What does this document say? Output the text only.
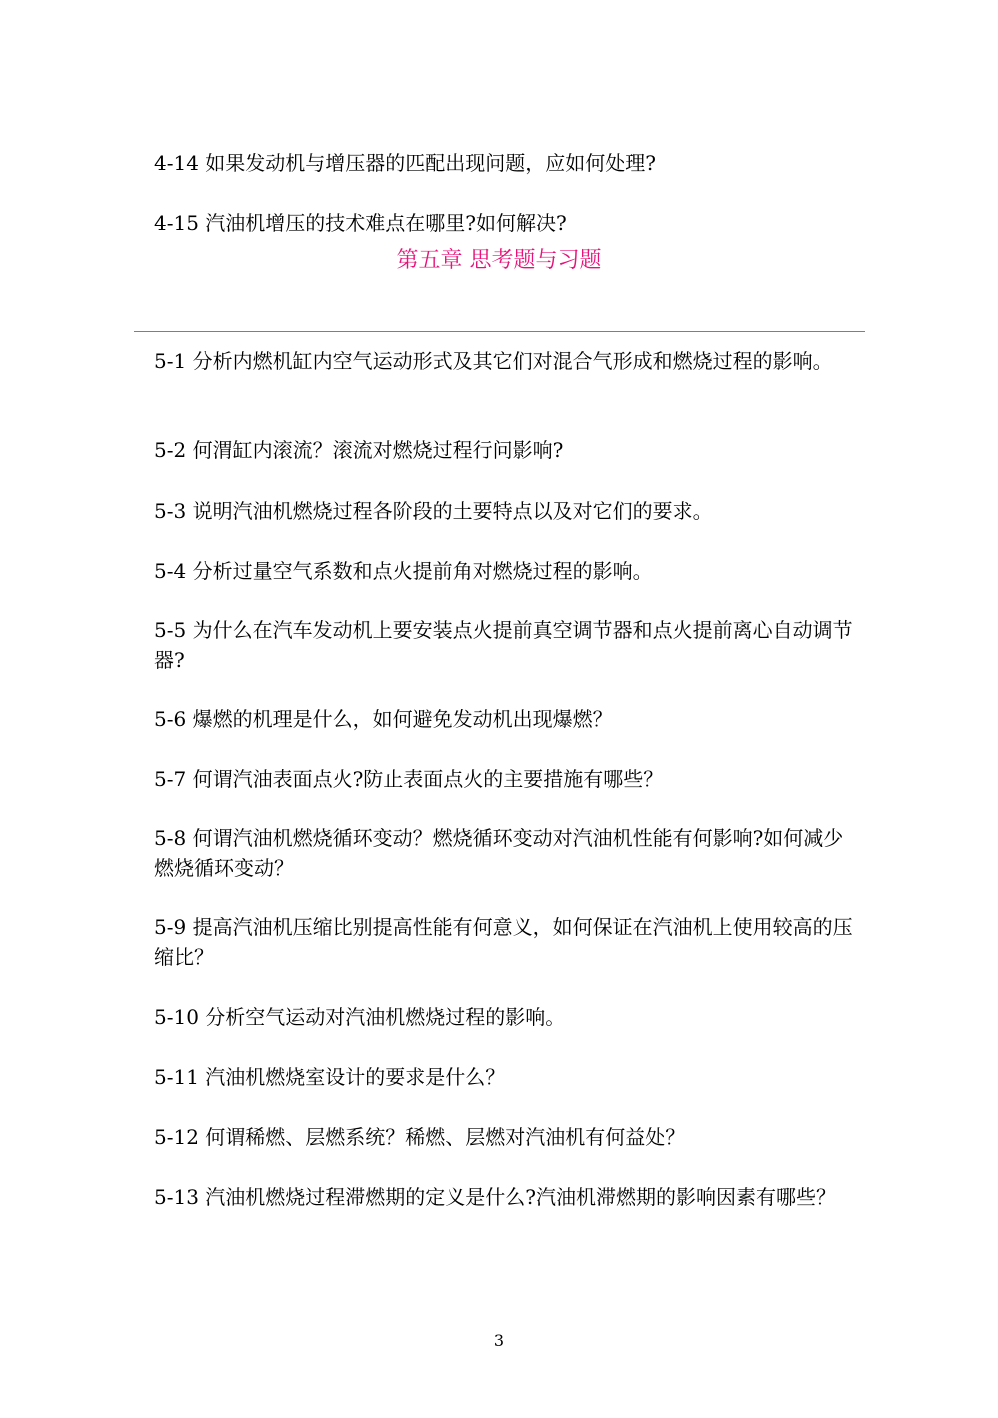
4-14 如果发动机与增压器的匹配出现问题，应如何处理?

4-15 汽油机增压的技术难点在哪里?如何解决?

第五章 思考题与习题

5-1 分析内燃机缸内空气运动形式及其它们对混合气形成和燃烧过程的影响。

5-2 何渭缸内滚流？滚流对燃烧过程行问影响?

5-3 说明汽油机燃烧过程各阶段的土要特点以及对它们的要求。

5-4 分析过量空气系数和点火提前角对燃烧过程的影响。

5-5 为什么在汽车发动机上要安装点火提前真空调节器和点火提前离心自动调节器?

5-6 爆燃的机理是什么，如何避免发动机出现爆燃？

5-7 何谓汽油表面点火?防止表面点火的主要措施有哪些？

5-8 何谓汽油机燃烧循环变动？燃烧循环变动对汽油机性能有何影响?如何减少燃烧循环变动？

5-9 提高汽油机压缩比别提高性能有何意义，如何保证在汽油机上使用较高的压缩比？

5-10 分析空气运动对汽油机燃烧过程的影响。

5-11 汽油机燃烧室设计的要求是什么？

5-12 何谓稀燃、层燃系统？稀燃、层燃对汽油机有何益处？

5-13 汽油机燃烧过程滞燃期的定义是什么?汽油机滞燃期的影响因素有哪些？

3
